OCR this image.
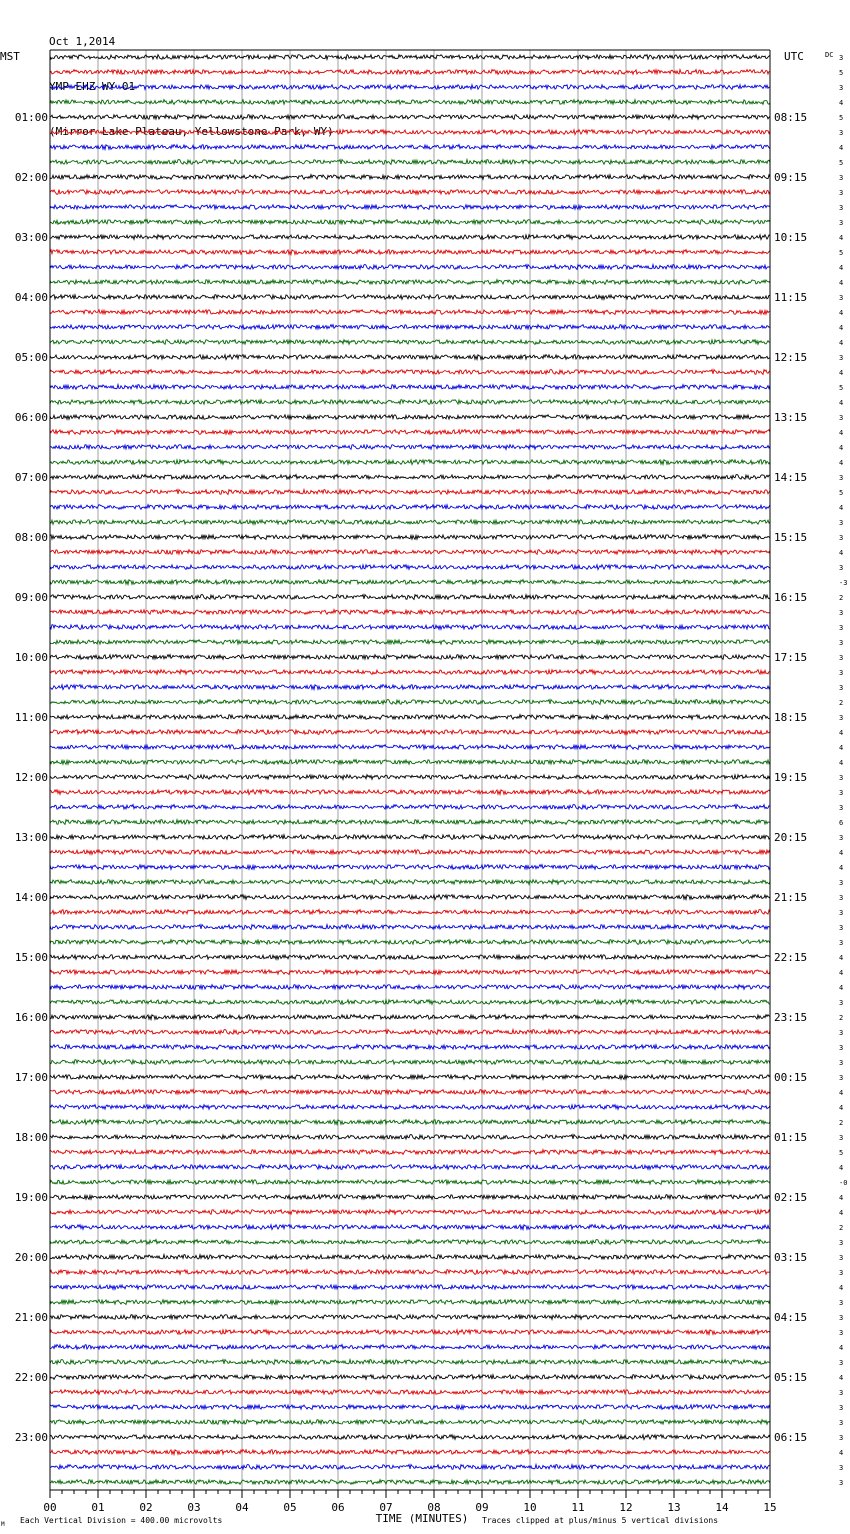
Oct 1,2014

YMP EHZ WY 01

(Mirror Lake Plateau, Yellowstone Park, WY)

3
5
3
4
5
3
4
5
3
3
3
3
4
5
4
4
3
4
4
4
3
4
5
4
3
4
4
4
3
5
4
3
3
4
3
-3
2
3
3
3
3
3
3
2
3
4
4
4
3
3
3
6
3
4
4
3
3
3
3
3
4
4
4
3
2
3
3
3
3
4
4
2
3
5
4
-0
4
4
2
3
3
3
4
3
3
3
4
3
4
3
3
3
3
4
3
3
00	01	02	03	04	05	06	07	08	09	10	11	12	13	14	15
MST	UTC	DC
01:00
02:00
03:00
04:00
05:00
06:00
07:00
08:00
09:00
10:00
11:00
12:00
13:00
14:00
15:00
16:00
17:00
18:00
19:00
20:00
21:00
22:00
23:00
08:15
09:15
10:15
11:15
12:15
13:15
14:15
15:15
16:15
17:15
18:15
19:15
20:15
21:15
22:15
23:15
00:15
01:15
02:15
03:15
04:15
05:15
06:15
M Each Vertical Division = 400.00 microvolts	TIME (MINUTES) Traces clipped at plus/minus 5 vertical divisions
